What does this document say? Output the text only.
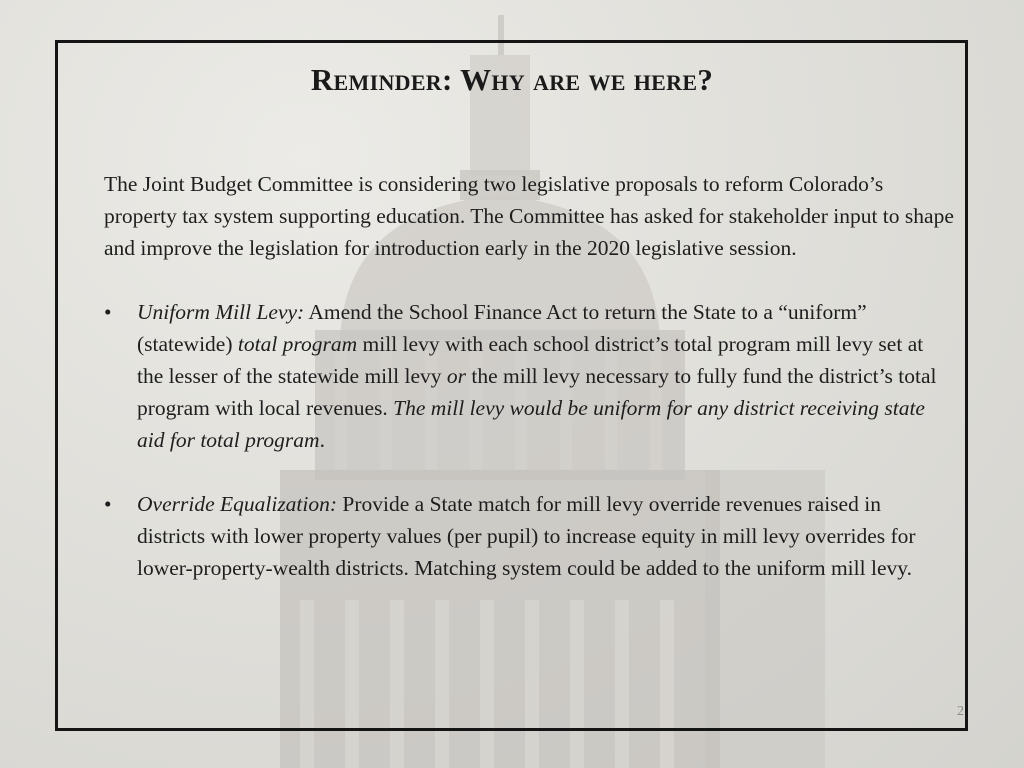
Reminder: Why are we here?

The Joint Budget Committee is considering two legislative proposals to reform Colorado’s property tax system supporting education. The Committee has asked for stakeholder input to shape and improve the legislation for introduction early in the 2020 legislative session.

• Uniform Mill Levy: Amend the School Finance Act to return the State to a “uniform” (statewide) total program mill levy with each school district’s total program mill levy set at the lesser of the statewide mill levy or the mill levy necessary to fully fund the district’s total program with local revenues. The mill levy would be uniform for any district receiving state aid for total program.
• Override Equalization: Provide a State match for mill levy override revenues raised in districts with lower property values (per pupil) to increase equity in mill levy overrides for lower-property-wealth districts. Matching system could be added to the uniform mill levy.
2
